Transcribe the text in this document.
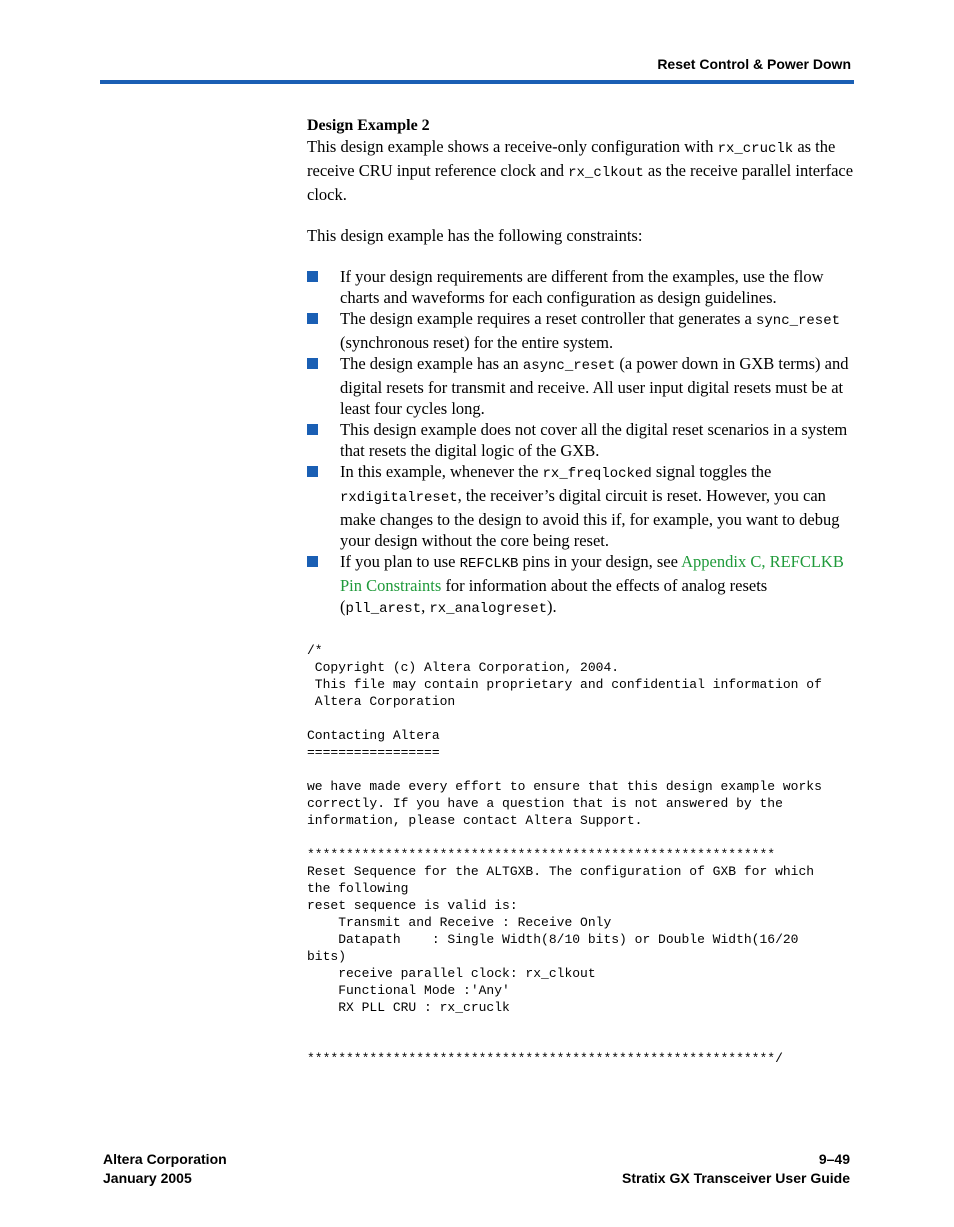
Reset Control & Power Down

Design Example 2

This design example shows a receive-only configuration with rx_cruclk as the receive CRU input reference clock and rx_clkout as the receive parallel interface clock.

This design example has the following constraints:

If your design requirements are different from the examples, use the flow charts and waveforms for each configuration as design guidelines.
The design example requires a reset controller that generates a sync_reset (synchronous reset) for the entire system.
The design example has an async_reset (a power down in GXB terms) and digital resets for transmit and receive. All user input digital resets must be at least four cycles long.
This design example does not cover all the digital reset scenarios in a system that resets the digital logic of the GXB.
In this example, whenever the rx_freqlocked signal toggles the rxdigitalreset, the receiver’s digital circuit is reset. However, you can make changes to the design to avoid this if, for example, you want to debug your design without the core being reset.
If you plan to use REFCLKB pins in your design, see Appendix C, REFCLKB Pin Constraints for information about the effects of analog resets (pll_arest, rx_analogreset).
/*
Copyright (c) Altera Corporation, 2004.
This file may contain proprietary and confidential information of
Altera Corporation

Contacting Altera
=================

we have made every effort to ensure that this design example works
correctly. If you have a question that is not answered by the
information, please contact Altera Support.

************************************************************
Reset Sequence for the ALTGXB. The configuration of GXB for which
the following
reset sequence is valid is:
Transmit and Receive : Receive Only
Datapath    : Single Width(8/10 bits) or Double Width(16/20
bits)
receive parallel clock: rx_clkout
Functional Mode :'Any'
RX PLL CRU : rx_cruclk

************************************************************/
Altera Corporation
January 2005
9–49
Stratix GX Transceiver User Guide
